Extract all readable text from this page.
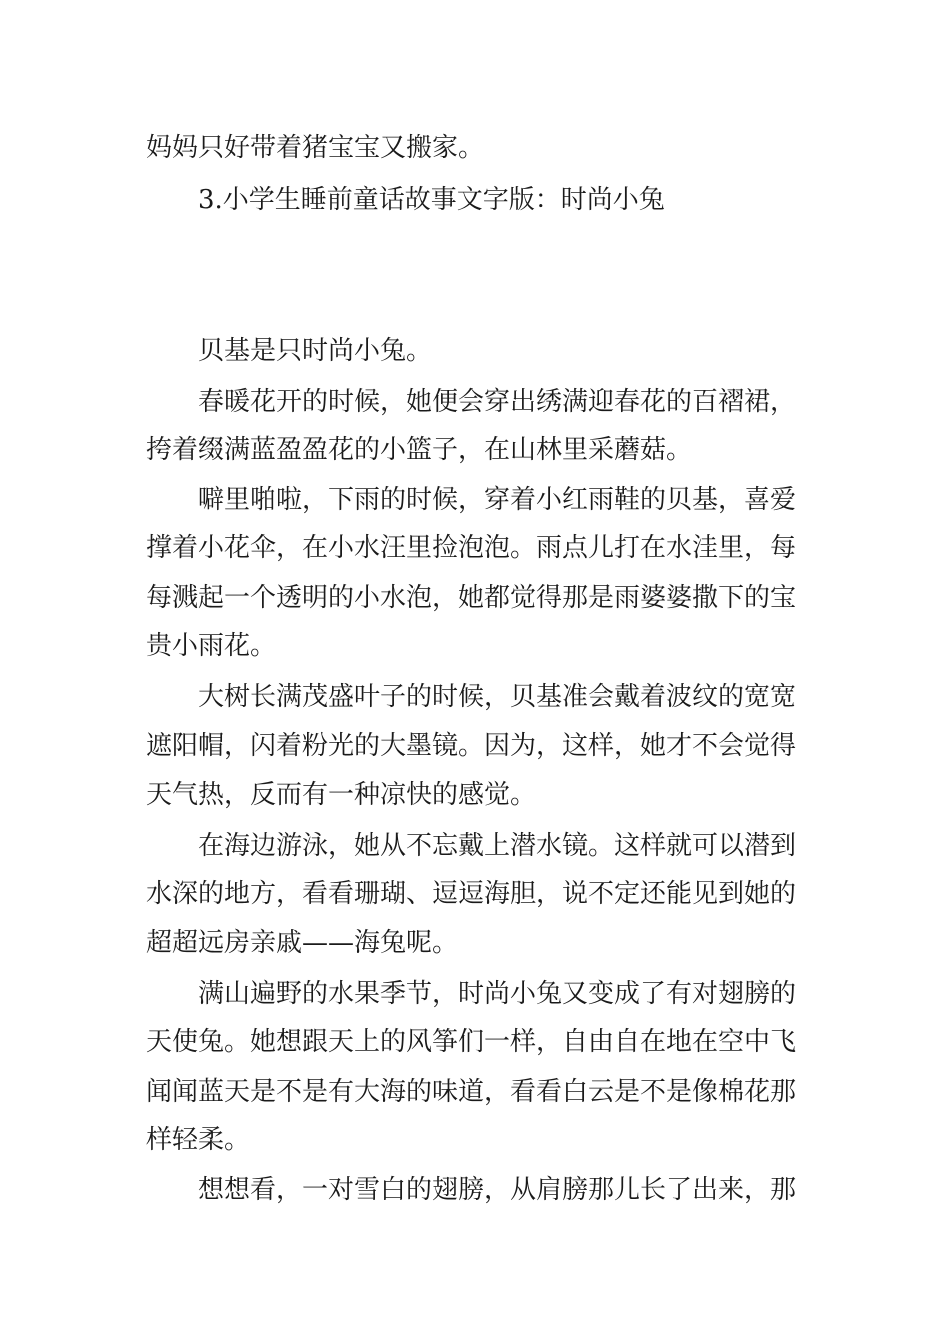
妈妈只好带着猪宝宝又搬家。
3.小学生睡前童话故事文字版：时尚小兔
贝基是只时尚小兔。
春暖花开的时候，她便会穿出绣满迎春花的百褶裙，
挎着缀满蓝盈盈花的小篮子，在山林里采蘑菇。
噼里啪啦，下雨的时候，穿着小红雨鞋的贝基，喜爱
撑着小花伞，在小水汪里捡泡泡。雨点儿打在水洼里，每
每溅起一个透明的小水泡，她都觉得那是雨婆婆撒下的宝
贵小雨花。
大树长满茂盛叶子的时候，贝基准会戴着波纹的宽宽
遮阳帽，闪着粉光的大墨镜。因为，这样，她才不会觉得
天气热，反而有一种凉快的感觉。
在海边游泳，她从不忘戴上潜水镜。这样就可以潜到
水深的地方，看看珊瑚、逗逗海胆，说不定还能见到她的
超超远房亲戚——海兔呢。
满山遍野的水果季节，时尚小兔又变成了有对翅膀的
天使兔。她想跟天上的风筝们一样，自由自在地在空中飞
闻闻蓝天是不是有大海的味道，看看白云是不是像棉花那
样轻柔。
想想看，一对雪白的翅膀，从肩膀那儿长了出来，那
